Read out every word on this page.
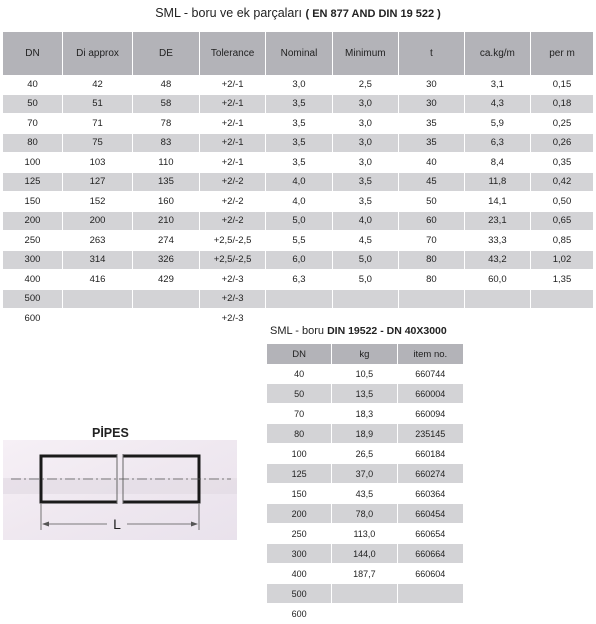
SML - boru ve ek parçaları ( EN 877 AND DIN 19 522 )
DN	Di approx	DE	Tolerance	Nominal	Minimum	t	ca.kg/m	per m
40	42	48	+2/-1	3,0	2,5	30	3,1	0,15
50	51	58	+2/-1	3,5	3,0	30	4,3	0,18
70	71	78	+2/-1	3,5	3,0	35	5,9	0,25
80	75	83	+2/-1	3,5	3,0	35	6,3	0,26
100	103	110	+2/-1	3,5	3,0	40	8,4	0,35
125	127	135	+2/-2	4,0	3,5	45	11,8	0,42
150	152	160	+2/-2	4,0	3,5	50	14,1	0,50
200	200	210	+2/-2	5,0	4,0	60	23,1	0,65
250	263	274	+2,5/-2,5	5,5	4,5	70	33,3	0,85
300	314	326	+2,5/-2,5	6,0	5,0	80	43,2	1,02
400	416	429	+2/-3	6,3	5,0	80	60,0	1,35
500			+2/-3					
600			+2/-3					
SML - boru DIN 19522 - DN 40X3000
DN	kg	item no.
40	10,5	660744
50	13,5	660004
70	18,3	660094
80	18,9	235145
100	26,5	660184
125	37,0	660274
150	43,5	660364
200	78,0	660454
250	113,0	660654
300	144,0	660664
400	187,7	660604
500		
600		
PİPES
L
